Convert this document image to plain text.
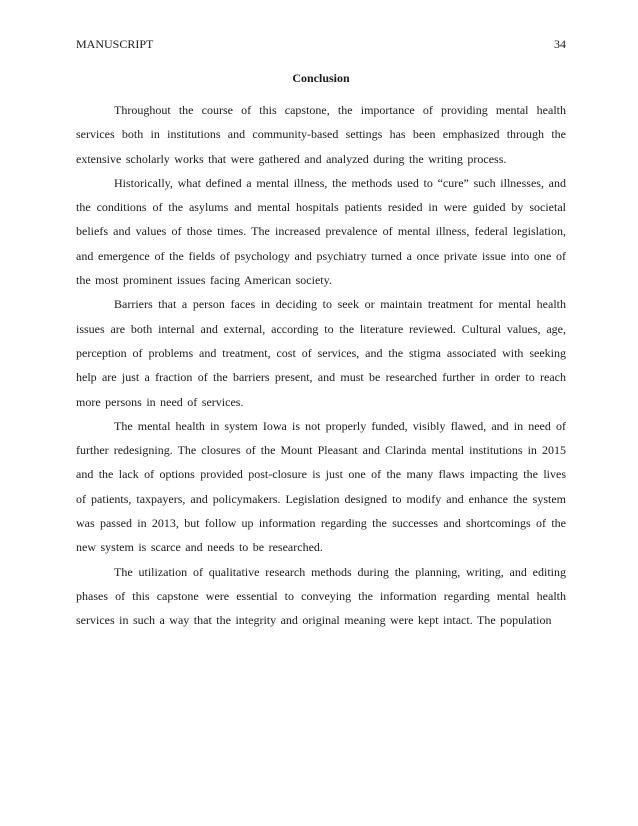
MANUSCRIPT	34
Conclusion

Throughout the course of this capstone, the importance of providing mental health services both in institutions and community-based settings has been emphasized through the extensive scholarly works that were gathered and analyzed during the writing process.

Historically, what defined a mental illness, the methods used to “cure” such illnesses, and the conditions of the asylums and mental hospitals patients resided in were guided by societal beliefs and values of those times. The increased prevalence of mental illness, federal legislation, and emergence of the fields of psychology and psychiatry turned a once private issue into one of the most prominent issues facing American society.

Barriers that a person faces in deciding to seek or maintain treatment for mental health issues are both internal and external, according to the literature reviewed. Cultural values, age, perception of problems and treatment, cost of services, and the stigma associated with seeking help are just a fraction of the barriers present, and must be researched further in order to reach more persons in need of services.

The mental health in system Iowa is not properly funded, visibly flawed, and in need of further redesigning. The closures of the Mount Pleasant and Clarinda mental institutions in 2015 and the lack of options provided post-closure is just one of the many flaws impacting the lives of patients, taxpayers, and policymakers. Legislation designed to modify and enhance the system was passed in 2013, but follow up information regarding the successes and shortcomings of the new system is scarce and needs to be researched.

The utilization of qualitative research methods during the planning, writing, and editing phases of this capstone were essential to conveying the information regarding mental health services in such a way that the integrity and original meaning were kept intact. The population
